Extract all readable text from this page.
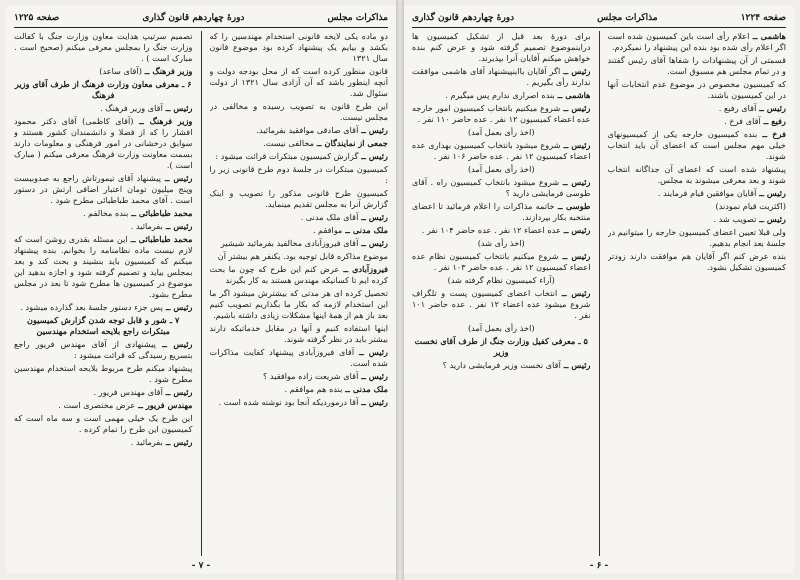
مذاکرات مجلس
دورهٔ چهاردهم قانون گذاری
صفحه ۱۲۲۵

دو ماده یکی لایحه قانونی استخدام مهندسین را که بکشد و بیایم یک پیشنهاد کرده بود موضوع قانون سال ۱۳۲۱

قانون منظور کرده است که از محل بودجه دولت و آنچه اینطور باشد که آن آزادی سال ۱۳۲۱ از دولت سئوال شد.

این طرح قانون به تصویب رسیده و مخالفی در مجلس نیست.

رئیس ــ آقای صادقی موافقید بفرمائید.

جمعی از نمایندگان ــ مخالفی نیست.

رئیس ــ گزارش کمیسیون مبتکرات قرائت میشود :

کمیسیون مبتکرات در جلسهٔ دوم طرح قانونی زیر را :

کمیسیون طرح قانونی مذکور را تصویب و اینک گزارش آنرا به مجلس تقدیم مینماید.

رئیس ــ آقای ملک مدنی .

ملک مدنی ــ موافقم .

رئیس ــ آقای فیروزآبادی مخالفید بفرمائید شیشیر

موضوع مذاکره قابل توجیه بود. یکنفر هم بیشتر آن

فیروزآبادی ــ عرض کنم این طرح که چون ما بحث کرده ایم تا کسانیکه مهندس هستند به کار بگیرند

تحصیل کرده ای هر مدتی که بیشترش میشود اگر ما این استخدام لازمه که بکار ما بگذاریم تصویب کنیم بعد باز هم از همهٔ اینها مشکلات زیادی داشته باشیم.

اینها استفاده کنیم و آنها در مقابل خدماتیکه دارند بیشتر باید در نظر گرفته شوند.

رئیس ــ آقای فیروزآبادی پیشنهاد کفایت مذاکرات شده است.

رئیس ــ آقای شریعت زاده موافقید ؟

ملک مدنی ــ بنده هم موافقم .

رئیس ــ آقا درموردیکه آنجا بود نوشته شده است .

تصمیم سرتیپ هدایت معاون وزارت جنگ با کفالت وزارت جنگ را بمجلس معرفی میکنم (صحیح است . مبارک است ) .

وزیر فرهنگ ــ (آقای ساعد)

۶ ـ معرفی معاون وزارت فرهنگ از طرف آقای وزیر فرهنگ

رئیس ــ آقای وزیر فرهنگ .

وزیر فرهنگ ــ (آقای کاظمی) آقای دکتر محمود افشار را که از فضلا و دانشمندان کشور هستند و سوابق درخشانی در امور فرهنگی و معلومات دارند بسمت معاونت وزارت فرهنگ معرفی میکنم ( مبارک است ).

رئیس ــ پیشنهاد آقای تیمورتاش راجع به صدوبیست وپنج میلیون تومان اعتبار اضافی ارتش در دستور است . آقای محمد طباطبائی مطرح شود .

محمد طباطبائی ــ بنده مخالفم .

رئیس ــ بفرمائید .

محمد طباطبائی ــ این مسئله بقدری روشن است که لازم نیست ماده نظامنامه را بخوانم. بنده پیشنهاد میکنم که کمیسیون باید بنشیند و بحث کند و بعد بمجلس بیاید و تصمیم گرفته شود و اجازه بدهید این موضوع در کمیسیون ها مطرح شود تا بعد در مجلس مطرح بشود.

رئیس ــ پس جزء دستور جلسهٔ بعد گذارده میشود .

۷ ـ شور و قابل توجه شدن گزارش کمیسیون مبتکرات راجع بلایحه استخدام مهندسین

رئیس ــ پیشنهادی از آقای مهندس فریور راجع بتسریع رسیدگی که قرائت میشود :

پیشنهاد میکنم طرح مربوط بلایحه استخدام مهندسین مطرح شود .

رئیس ــ آقای مهندس فریور .

مهندس فریور ــ عرض مختصری است .

این طرح یک خیلی مهمی است و سه ماه است که کمیسیون این طرح را تمام کرده .

رئیس ــ بفرمائید .

- ۷ -
صفحه ۱۲۲۴
مذاکرات مجلس
دورهٔ چهاردهم قانون گذاری

هاشمی ــ اعلام رأی است باین کمیسیون شده است اگر اعلام رأی شده بود بنده این پیشنهاد را نمیکردم.

قسمتی از آن پیشنهادات را شفاها آقای رئیس گفتند و در تمام مجلس هم مسبوق است.

که کمیسیون مخصوص در موضوع عدم انتخابات آنها در این کمیسیون باشند.

رئیس ــ آقای رفیع .

رفیع ــ آقای فرخ .

فرخ ــ بنده کمیسیون خارجه یکی از کمیسیونهای خیلی مهم مجلس است که اعضای آن باید انتخاب شوند.

پیشنهاد شده است که اعضای آن جداگانه انتخاب شوند و بعد معرفی میشوند به مجلس.

رئیس ــ آقایان موافقین قیام فرمایند .

(اکثریت قیام نمودند)

رئیس ــ تصویب شد .

ولی قبلا تعیین اعضای کمیسیون خارجه را میتوانیم در جلسهٔ بعد انجام بدهیم.

بنده عرض کنم اگر آقایان هم موافقت دارند زودتر کمیسیون تشکیل بشود.

برای دورهٔ بعد قبل از تشکیل کمیسیون ها دراینموضوع تصمیم گرفته شود و عرض کنم بنده خواهش میکنم آقایان آنرا بپذیرند.

رئیس ــ اگر آقایان بااینپیشنهاد آقای هاشمی موافقت ندارند رأی بگیریم .

هاشمی ــ بنده اصراری ندارم پس میگیرم .

رئیس ــ شروع میکنیم بانتخاب کمیسیون امور خارجه عده اعضاء کمیسیون ۱۲ نفر . عده حاضر ۱۱۰ نفر .

(اخذ رأی بعمل آمد)

رئیس ــ شروع میشود بانتخاب کمیسیون بهداری عده اعضاء کمیسیون ۱۲ نفر . عده حاضر ۱۰۶ نفر .

(اخذ رأی بعمل آمد)

رئیس ــ شروع میشود بانتخاب کمیسیون راه . آقای طوسی فرمایشی دارید ؟

طوسی ــ خاتمه مذاکرات را اعلام فرمائید تا اعضای منتخبه بکار بپردازند.

رئیس ــ عده اعضاء ۱۲ نفر . عده حاضر ۱۰۴ نفر .

(اخذ رأی شد)

رئیس ــ شروع میکنیم بانتخاب کمیسیون نظام عده اعضاء کمیسیون ۱۲ نفر . عده حاضر ۱۰۳ نفر .

(آراء کمیسیون نظام گرفته شد)

رئیس ــ انتخاب اعضای کمیسیون پست و تلگراف شروع میشود عده اعضاء ۱۲ نفر . عده حاضر ۱۰۱ نفر .

(اخذ رأی بعمل آمد)

۵ ـ معرفی کفیل وزارت جنگ از طرف آقای نخست وزیر

رئیس ــ آقای نخست وزیر فرمایشی دارید ؟

- ۶ -
